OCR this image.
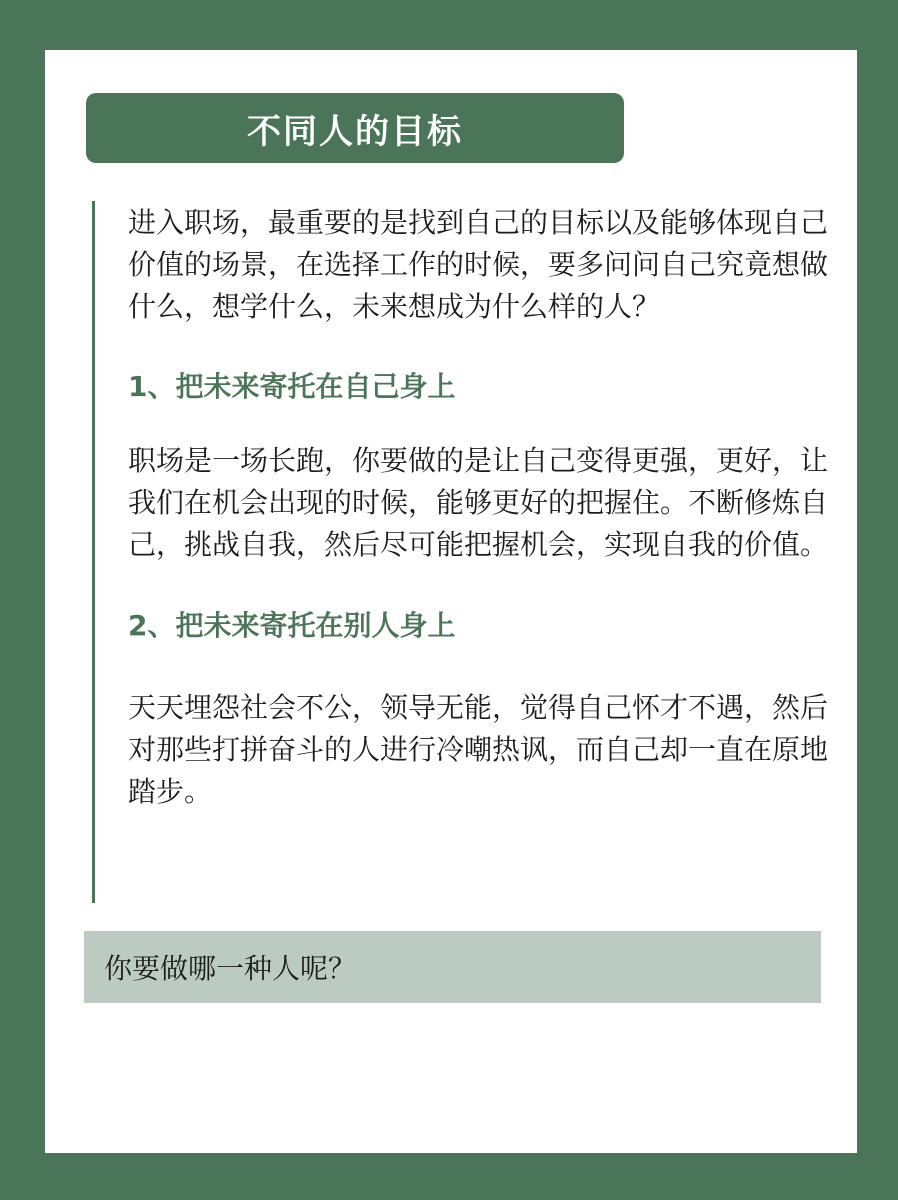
不同人的目标

进入职场，最重要的是找到自己的目标以及能够体现自己价值的场景，在选择工作的时候，要多问问自己究竟想做什么，想学什么，未来想成为什么样的人？

1、把未来寄托在自己身上

职场是一场长跑，你要做的是让自己变得更强，更好，让我们在机会出现的时候，能够更好的把握住。不断修炼自己，挑战自我，然后尽可能把握机会，实现自我的价值。

2、把未来寄托在别人身上

天天埋怨社会不公，领导无能，觉得自己怀才不遇，然后对那些打拼奋斗的人进行冷嘲热讽，而自己却一直在原地踏步。

你要做哪一种人呢？
